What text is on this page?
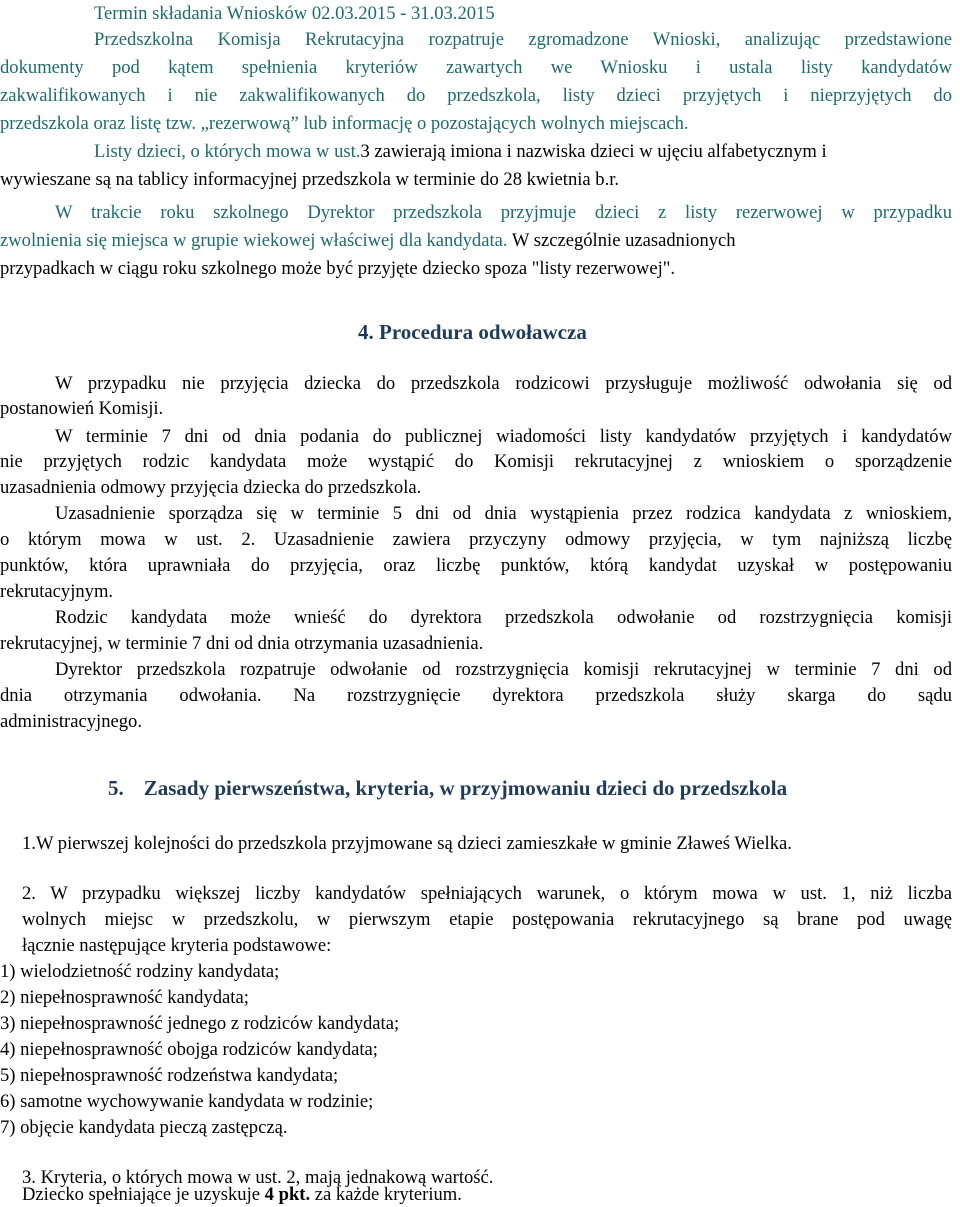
Termin składania Wniosków 02.03.2015 - 31.03.2015
Przedszkolna Komisja Rekrutacyjna rozpatruje zgromadzone Wnioski, analizując przedstawione
dokumenty pod kątem spełnienia kryteriów zawartych we Wniosku i ustala listy kandydatów
zakwalifikowanych i nie zakwalifikowanych do przedszkola, listy dzieci przyjętych i nieprzyjętych do
przedszkola oraz listę tzw. „rezerwową” lub informację o pozostających wolnych miejscach.
Listy dzieci, o których mowa w ust.3 zawierają imiona i nazwiska dzieci w ujęciu alfabetycznym i
wywieszane są na tablicy informacyjnej przedszkola w terminie do 28 kwietnia b.r.
W trakcie roku szkolnego Dyrektor przedszkola przyjmuje dzieci z listy rezerwowej w przypadku
zwolnienia się miejsca w grupie wiekowej właściwej dla kandydata. W szczególnie uzasadnionych
przypadkach w ciągu roku szkolnego może być przyjęte dziecko spoza "listy rezerwowej".
4. Procedura odwoławcza
W przypadku nie przyjęcia dziecka do przedszkola rodzicowi przysługuje możliwość odwołania się od
postanowień Komisji.
W terminie 7 dni od dnia podania do publicznej wiadomości listy kandydatów przyjętych i kandydatów
nie przyjętych rodzic kandydata może wystąpić do Komisji rekrutacyjnej z wnioskiem o sporządzenie
uzasadnienia odmowy przyjęcia dziecka do przedszkola.
Uzasadnienie sporządza się w terminie 5 dni od dnia wystąpienia przez rodzica kandydata z wnioskiem,
o którym mowa w ust. 2. Uzasadnienie zawiera przyczyny odmowy przyjęcia, w tym najniższą liczbę
punktów, która uprawniała do przyjęcia, oraz liczbę punktów, którą kandydat uzyskał w postępowaniu
rekrutacyjnym.
Rodzic kandydata może wnieść do dyrektora przedszkola odwołanie od rozstrzygnięcia komisji
rekrutacyjnej, w terminie 7 dni od dnia otrzymania uzasadnienia.
Dyrektor przedszkola rozpatruje odwołanie od rozstrzygnięcia komisji rekrutacyjnej w terminie 7 dni od
dnia otrzymania odwołania. Na rozstrzygnięcie dyrektora przedszkola służy skarga do sądu
administracyjnego.
5. Zasady pierwszeństwa, kryteria, w przyjmowaniu dzieci do przedszkola
1.W pierwszej kolejności do przedszkola przyjmowane są dzieci zamieszkałe w gminie Zławeś Wielka.
2. W przypadku większej liczby kandydatów spełniających warunek, o którym mowa w ust. 1, niż liczba
wolnych miejsc w przedszkolu, w pierwszym etapie postępowania rekrutacyjnego są brane pod uwagę
łącznie następujące kryteria podstawowe:
1) wielodzietność rodziny kandydata;
2) niepełnosprawność kandydata;
3) niepełnosprawność jednego z rodziców kandydata;
4) niepełnosprawność obojga rodziców kandydata;
5) niepełnosprawność rodzeństwa kandydata;
6) samotne wychowywanie kandydata w rodzinie;
7) objęcie kandydata pieczą zastępczą.
3. Kryteria, o których mowa w ust. 2, mają jednakową wartość.
Dziecko spełniające je uzyskuje 4 pkt. za każde kryterium.
